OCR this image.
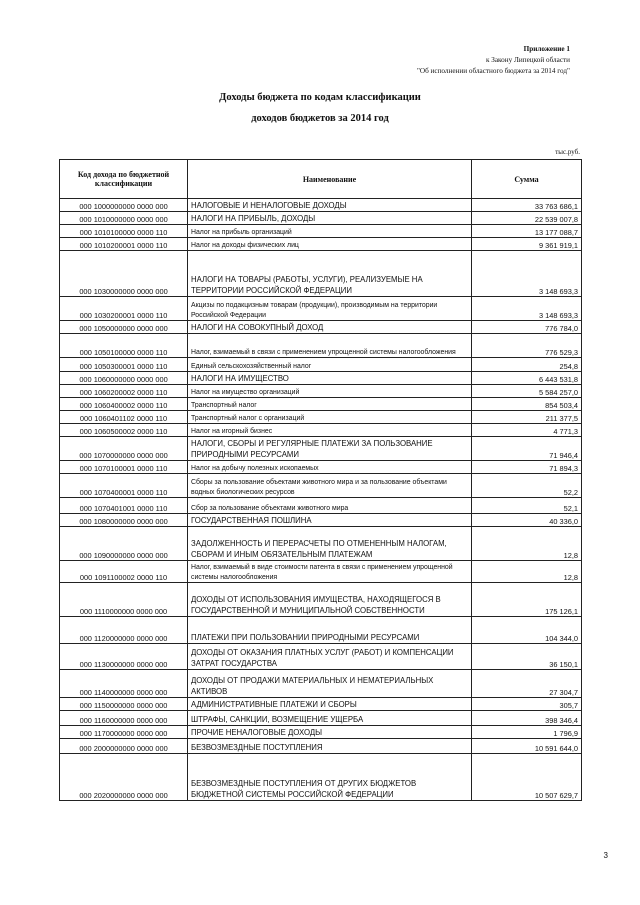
Приложение 1
к Закону Липецкой области
"Об исполнении областного бюджета за 2014 год"
Доходы бюджета по кодам классификации
доходов бюджетов за 2014 год
тыс.руб.
Код дохода по бюджетной классификации	Наименование	Сумма
000 1000000000 0000 000	НАЛОГОВЫЕ И НЕНАЛОГОВЫЕ ДОХОДЫ	33 763 686,1
000 1010000000 0000 000	НАЛОГИ НА ПРИБЫЛЬ, ДОХОДЫ	22 539 007,8
000 1010100000 0000 110	Налог на прибыль организаций	13 177 088,7
000 1010200001 0000 110	Налог на доходы физических лиц	9 361 919,1
000 1030000000 0000 000	НАЛОГИ НА ТОВАРЫ (РАБОТЫ, УСЛУГИ), РЕАЛИЗУЕМЫЕ НА ТЕРРИТОРИИ РОССИЙСКОЙ ФЕДЕРАЦИИ	3 148 693,3
000 1030200001 0000 110	Акцизы по подакцизным товарам (продукции), производимым на территории Российской Федерации	3 148 693,3
000 1050000000 0000 000	НАЛОГИ НА СОВОКУПНЫЙ ДОХОД	776 784,0
000 1050100000 0000 110	Налог, взимаемый в связи с применением упрощенной системы налогообложения	776 529,3
000 1050300001 0000 110	Единый сельскохозяйственный налог	254,8
000 1060000000 0000 000	НАЛОГИ НА ИМУЩЕСТВО	6 443 531,8
000 1060200002 0000 110	Налог на имущество организаций	5 584 257,0
000 1060400002 0000 110	Транспортный налог	854 503,4
000 1060401102 0000 110	Транспортный налог с организаций	211 377,5
000 1060500002 0000 110	Налог на игорный бизнес	4 771,3
000 1070000000 0000 000	НАЛОГИ, СБОРЫ И РЕГУЛЯРНЫЕ ПЛАТЕЖИ ЗА ПОЛЬЗОВАНИЕ ПРИРОДНЫМИ РЕСУРСАМИ	71 946,4
000 1070100001 0000 110	Налог на добычу полезных ископаемых	71 894,3
000 1070400001 0000 110	Сборы за пользование объектами животного мира и за пользование объектами водных биологических ресурсов	52,2
000 1070401001 0000 110	Сбор за пользование объектами животного мира	52,1
000 1080000000 0000 000	ГОСУДАРСТВЕННАЯ ПОШЛИНА	40 336,0
000 1090000000 0000 000	ЗАДОЛЖЕННОСТЬ И ПЕРЕРАСЧЕТЫ ПО ОТМЕНЕННЫМ НАЛОГАМ, СБОРАМ И ИНЫМ ОБЯЗАТЕЛЬНЫМ ПЛАТЕЖАМ	12,8
000 1091100002 0000 110	Налог, взимаемый в виде стоимости патента в связи с применением упрощенной системы налогообложения	12,8
000 1110000000 0000 000	ДОХОДЫ ОТ ИСПОЛЬЗОВАНИЯ ИМУЩЕСТВА, НАХОДЯЩЕГОСЯ В ГОСУДАРСТВЕННОЙ И МУНИЦИПАЛЬНОЙ СОБСТВЕННОСТИ	175 126,1
000 1120000000 0000 000	ПЛАТЕЖИ ПРИ ПОЛЬЗОВАНИИ ПРИРОДНЫМИ РЕСУРСАМИ	104 344,0
000 1130000000 0000 000	ДОХОДЫ ОТ ОКАЗАНИЯ ПЛАТНЫХ УСЛУГ (РАБОТ) И КОМПЕНСАЦИИ ЗАТРАТ ГОСУДАРСТВА	36 150,1
000 1140000000 0000 000	ДОХОДЫ ОТ ПРОДАЖИ МАТЕРИАЛЬНЫХ И НЕМАТЕРИАЛЬНЫХ АКТИВОВ	27 304,7
000 1150000000 0000 000	АДМИНИСТРАТИВНЫЕ ПЛАТЕЖИ И СБОРЫ	305,7
000 1160000000 0000 000	ШТРАФЫ, САНКЦИИ, ВОЗМЕЩЕНИЕ УЩЕРБА	398 346,4
000 1170000000 0000 000	ПРОЧИЕ НЕНАЛОГОВЫЕ ДОХОДЫ	1 796,9
000 2000000000 0000 000	БЕЗВОЗМЕЗДНЫЕ ПОСТУПЛЕНИЯ	10 591 644,0
000 2020000000 0000 000	БЕЗВОЗМЕЗДНЫЕ ПОСТУПЛЕНИЯ ОТ ДРУГИХ БЮДЖЕТОВ БЮДЖЕТНОЙ СИСТЕМЫ РОССИЙСКОЙ ФЕДЕРАЦИИ	10 507 629,7
3
